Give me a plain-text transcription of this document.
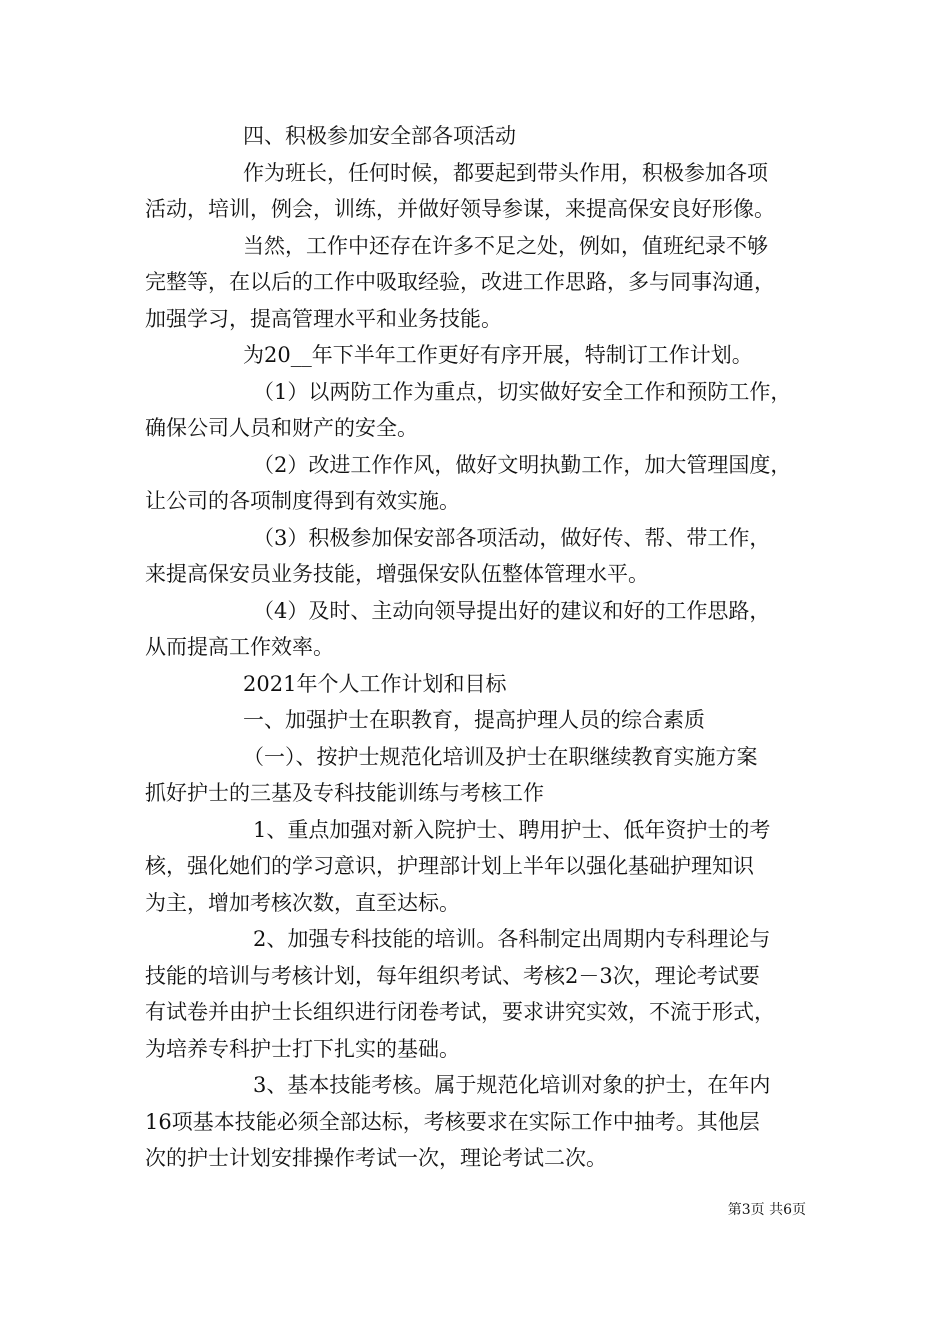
四、积极参加安全部各项活动
作为班长，任何时候，都要起到带头作用，积极参加各项
活动，培训，例会，训练，并做好领导参谋，来提高保安良好形像。
当然，工作中还存在许多不足之处，例如，值班纪录不够
完整等，在以后的工作中吸取经验，改进工作思路，多与同事沟通，
加强学习，提高管理水平和业务技能。
为20__年下半年工作更好有序开展，特制订工作计划。
（1）以两防工作为重点，切实做好安全工作和预防工作，
确保公司人员和财产的安全。
（2）改进工作作风，做好文明执勤工作，加大管理国度，
让公司的各项制度得到有效实施。
（3）积极参加保安部各项活动，做好传、帮、带工作，
来提高保安员业务技能，增强保安队伍整体管理水平。
（4）及时、主动向领导提出好的建议和好的工作思路，
从而提高工作效率。
2021年个人工作计划和目标
一、加强护士在职教育，提高护理人员的综合素质
（一）、按护士规范化培训及护士在职继续教育实施方案
抓好护士的三基及专科技能训练与考核工作
1、重点加强对新入院护士、聘用护士、低年资护士的考
核，强化她们的学习意识，护理部计划上半年以强化基础护理知识
为主，增加考核次数，直至达标。
2、加强专科技能的培训。各科制定出周期内专科理论与
技能的培训与考核计划，每年组织考试、考核2－3次，理论考试要
有试卷并由护士长组织进行闭卷考试，要求讲究实效，不流于形式，
为培养专科护士打下扎实的基础。
3、基本技能考核。属于规范化培训对象的护士，在年内
16项基本技能必须全部达标，考核要求在实际工作中抽考。其他层
次的护士计划安排操作考试一次，理论考试二次。
第3页 共6页
